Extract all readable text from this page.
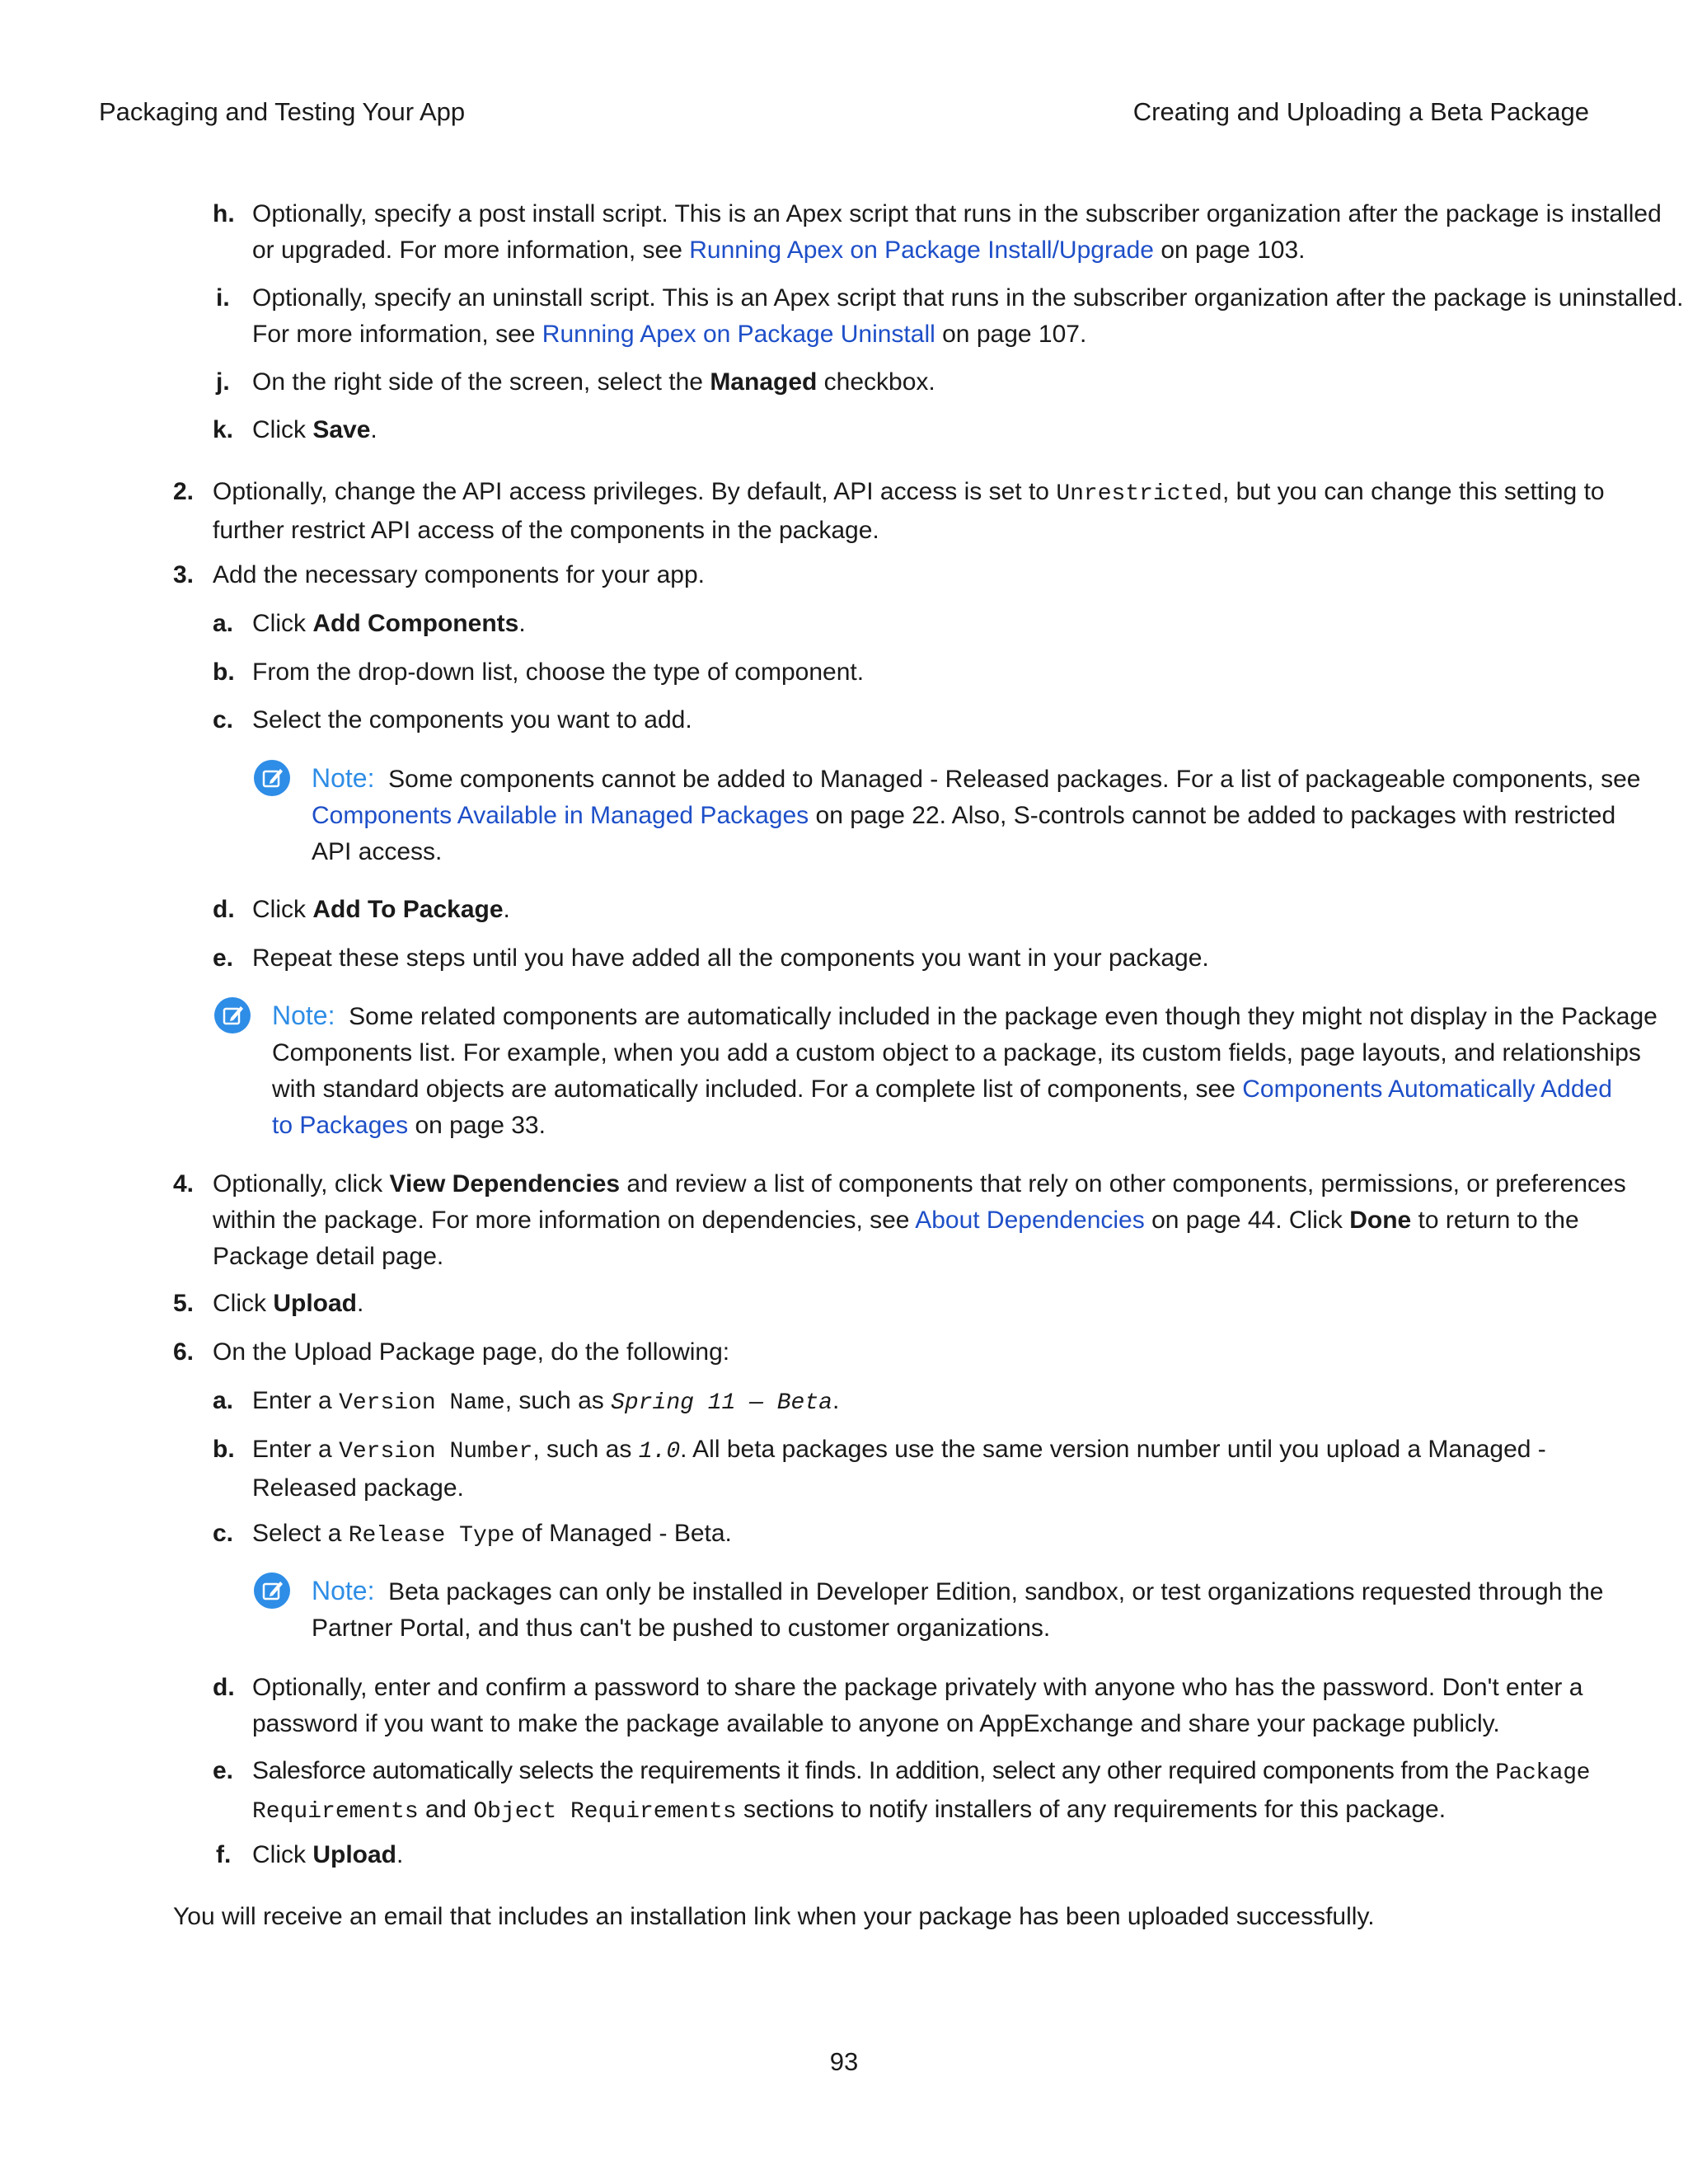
Packaging and Testing Your App	Creating and Uploading a Beta Package
h. Optionally, specify a post install script. This is an Apex script that runs in the subscriber organization after the package is installed
or upgraded. For more information, see Running Apex on Package Install/Upgrade on page 103.
i. Optionally, specify an uninstall script. This is an Apex script that runs in the subscriber organization after the package is uninstalled.
For more information, see Running Apex on Package Uninstall on page 107.
j. On the right side of the screen, select the Managed checkbox.
k. Click Save.
2. Optionally, change the API access privileges. By default, API access is set to Unrestricted, but you can change this setting to
further restrict API access of the components in the package.
3. Add the necessary components for your app.
a. Click Add Components.
b. From the drop-down list, choose the type of component.
c. Select the components you want to add.
Note: Some components cannot be added to Managed - Released packages. For a list of packageable components, see
Components Available in Managed Packages on page 22. Also, S-controls cannot be added to packages with restricted
API access.
d. Click Add To Package.
e. Repeat these steps until you have added all the components you want in your package.
Note: Some related components are automatically included in the package even though they might not display in the Package
Components list. For example, when you add a custom object to a package, its custom fields, page layouts, and relationships
with standard objects are automatically included. For a complete list of components, see Components Automatically Added
to Packages on page 33.
4. Optionally, click View Dependencies and review a list of components that rely on other components, permissions, or preferences
within the package. For more information on dependencies, see About Dependencies on page 44. Click Done to return to the
Package detail page.
5. Click Upload.
6. On the Upload Package page, do the following:
a. Enter a Version Name, such as Spring 11 — Beta.
b. Enter a Version Number, such as 1.0. All beta packages use the same version number until you upload a Managed -
Released package.
c. Select a Release Type of Managed - Beta.
Note: Beta packages can only be installed in Developer Edition, sandbox, or test organizations requested through the
Partner Portal, and thus can't be pushed to customer organizations.
d. Optionally, enter and confirm a password to share the package privately with anyone who has the password. Don't enter a
password if you want to make the package available to anyone on AppExchange and share your package publicly.
e. Salesforce automatically selects the requirements it finds. In addition, select any other required components from the Package
Requirements and Object Requirements sections to notify installers of any requirements for this package.
f. Click Upload.
You will receive an email that includes an installation link when your package has been uploaded successfully.
93
